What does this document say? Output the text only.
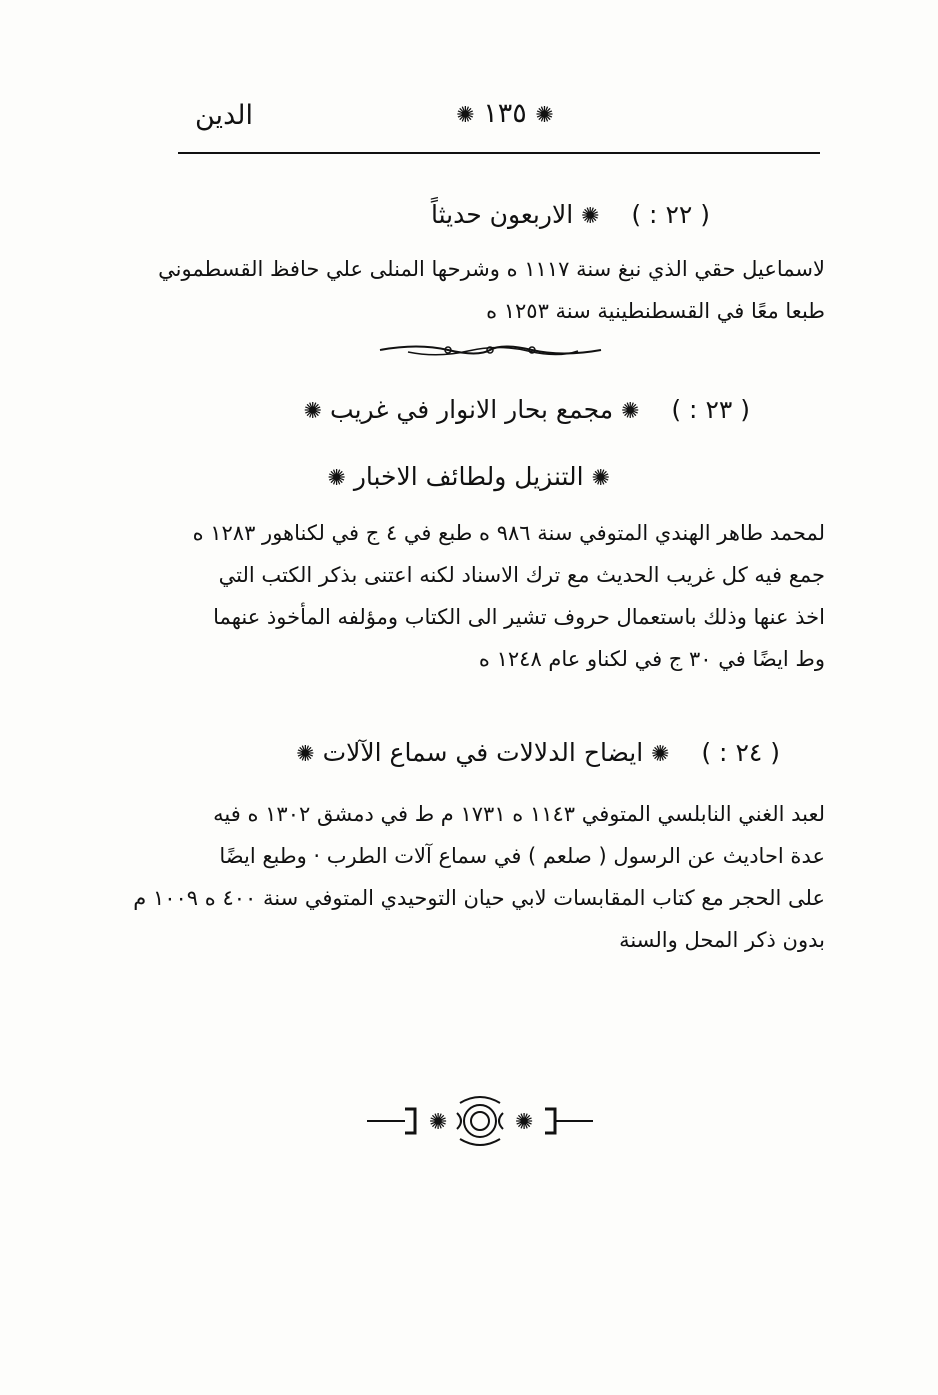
الدين	✺ ١٣٥ ✺
( ٢٢ : )    ✺ الاربعون حديثاً
لاسماعيل حقي الذي نبغ سنة ١١١٧ ه وشرحها المنلى علي حافظ القسطموني
طبعا معًا في القسطنطينية سنة ١٢٥٣ ه
( ٢٣ : )    ✺ مجمع بحار الانوار في غريب ✺
✺ التنزيل ولطائف الاخبار ✺
لمحمد طاهر الهندي المتوفي سنة ٩٨٦ ه طبع في ٤ ج في لكناهور ١٢٨٣ ه
جمع فيه كل غريب الحديث مع ترك الاسناد لكنه اعتنى بذكر الكتب التي
اخذ عنها وذلك باستعمال حروف تشير الى الكتاب ومؤلفه المأخوذ عنهما
وط ايضًا في ٣٠ ج في لكناو عام ١٢٤٨ ه
( ٢٤ : )    ✺ ايضاح الدلالات في سماع الآلات ✺
لعبد الغني النابلسي المتوفي ١١٤٣ ه ١٧٣١ م ط في دمشق ١٣٠٢ ه فيه
عدة احاديث عن الرسول ( صلعم ) في سماع آلات الطرب · وطبع ايضًا
على الحجر مع كتاب المقابسات لابي حيان التوحيدي المتوفي سنة ٤٠٠ ه ١٠٠٩ م
بدون ذكر المحل والسنة
✺	✺
